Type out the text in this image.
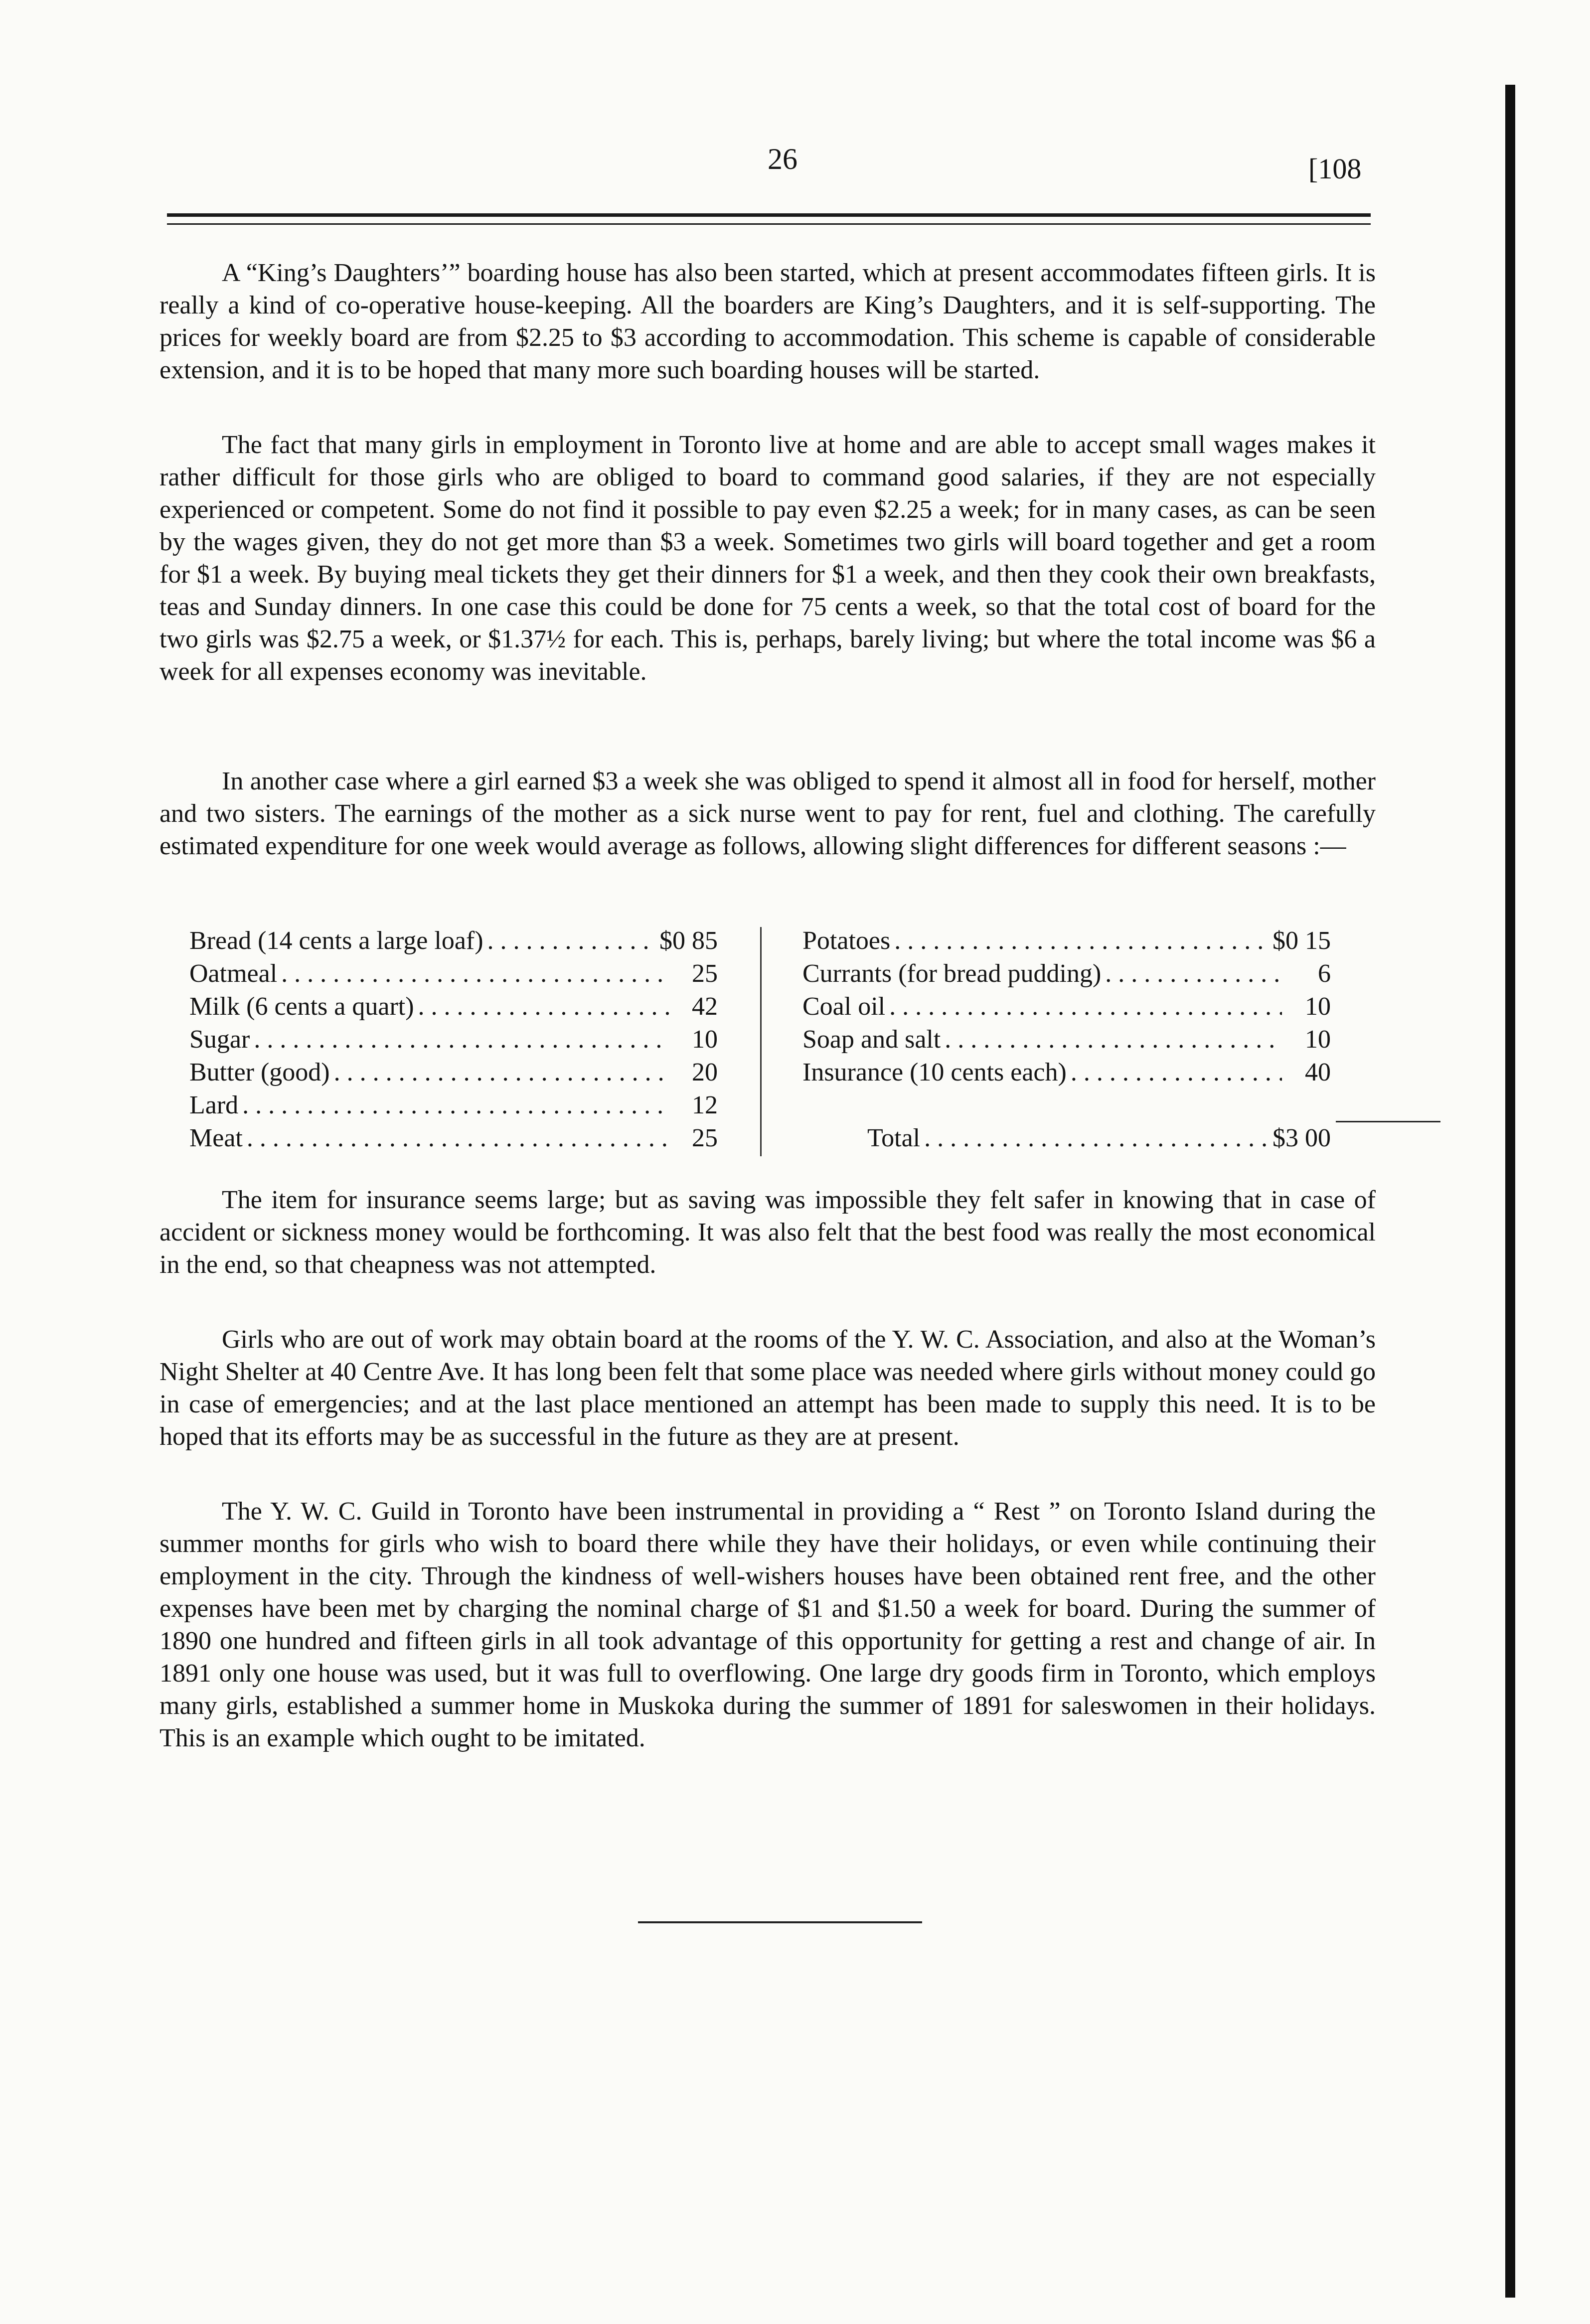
26	[108

A “King’s Daughters’” boarding house has also been started, which at present accommodates fifteen girls. It is really a kind of co-operative house-keeping. All the boarders are King’s Daughters, and it is self-supporting. The prices for weekly board are from $2.25 to $3 according to accommodation. This scheme is capable of considerable extension, and it is to be hoped that many more such boarding houses will be started.

The fact that many girls in employment in Toronto live at home and are able to accept small wages makes it rather difficult for those girls who are obliged to board to command good salaries, if they are not especially experienced or competent. Some do not find it possible to pay even $2.25 a week; for in many cases, as can be seen by the wages given, they do not get more than $3 a week. Sometimes two girls will board together and get a room for $1 a week. By buying meal tickets they get their dinners for $1 a week, and then they cook their own breakfasts, teas and Sunday dinners. In one case this could be done for 75 cents a week, so that the total cost of board for the two girls was $2.75 a week, or $1.37½ for each. This is, perhaps, barely living; but where the total income was $6 a week for all expenses economy was inevitable.

In another case where a girl earned $3 a week she was obliged to spend it almost all in food for herself, mother and two sisters. The earnings of the mother as a sick nurse went to pay for rent, fuel and clothing. The carefully estimated expenditure for one week would average as follows, allowing slight differences for different seasons :—

Bread (14 cents a large loaf) . . .	$0 85
Oatmeal . . .	25
Milk (6 cents a quart) . . .	42
Sugar . . .	10
Butter (good) . . .	20
Lard . . .	12
Meat . . .	25
Potatoes . . .	$0 15
Currants (for bread pudding) . . .	6
Coal oil . . .	10
Soap and salt . . .	10
Insurance (10 cents each) . . .	40
Total . . .	$3 00

The item for insurance seems large; but as saving was impossible they felt safer in knowing that in case of accident or sickness money would be forthcoming. It was also felt that the best food was really the most economical in the end, so that cheapness was not attempted.

Girls who are out of work may obtain board at the rooms of the Y. W. C. Association, and also at the Woman’s Night Shelter at 40 Centre Ave. It has long been felt that some place was needed where girls without money could go in case of emergencies; and at the last place mentioned an attempt has been made to supply this need. It is to be hoped that its efforts may be as successful in the future as they are at present.

The Y. W. C. Guild in Toronto have been instrumental in providing a “ Rest ” on Toronto Island during the summer months for girls who wish to board there while they have their holidays, or even while continuing their employment in the city. Through the kindness of well-wishers houses have been obtained rent free, and the other expenses have been met by charging the nominal charge of $1 and $1.50 a week for board. During the summer of 1890 one hundred and fifteen girls in all took advantage of this opportunity for getting a rest and change of air. In 1891 only one house was used, but it was full to overflowing. One large dry goods firm in Toronto, which employs many girls, established a summer home in Muskoka during the summer of 1891 for saleswomen in their holidays. This is an example which ought to be imitated.
